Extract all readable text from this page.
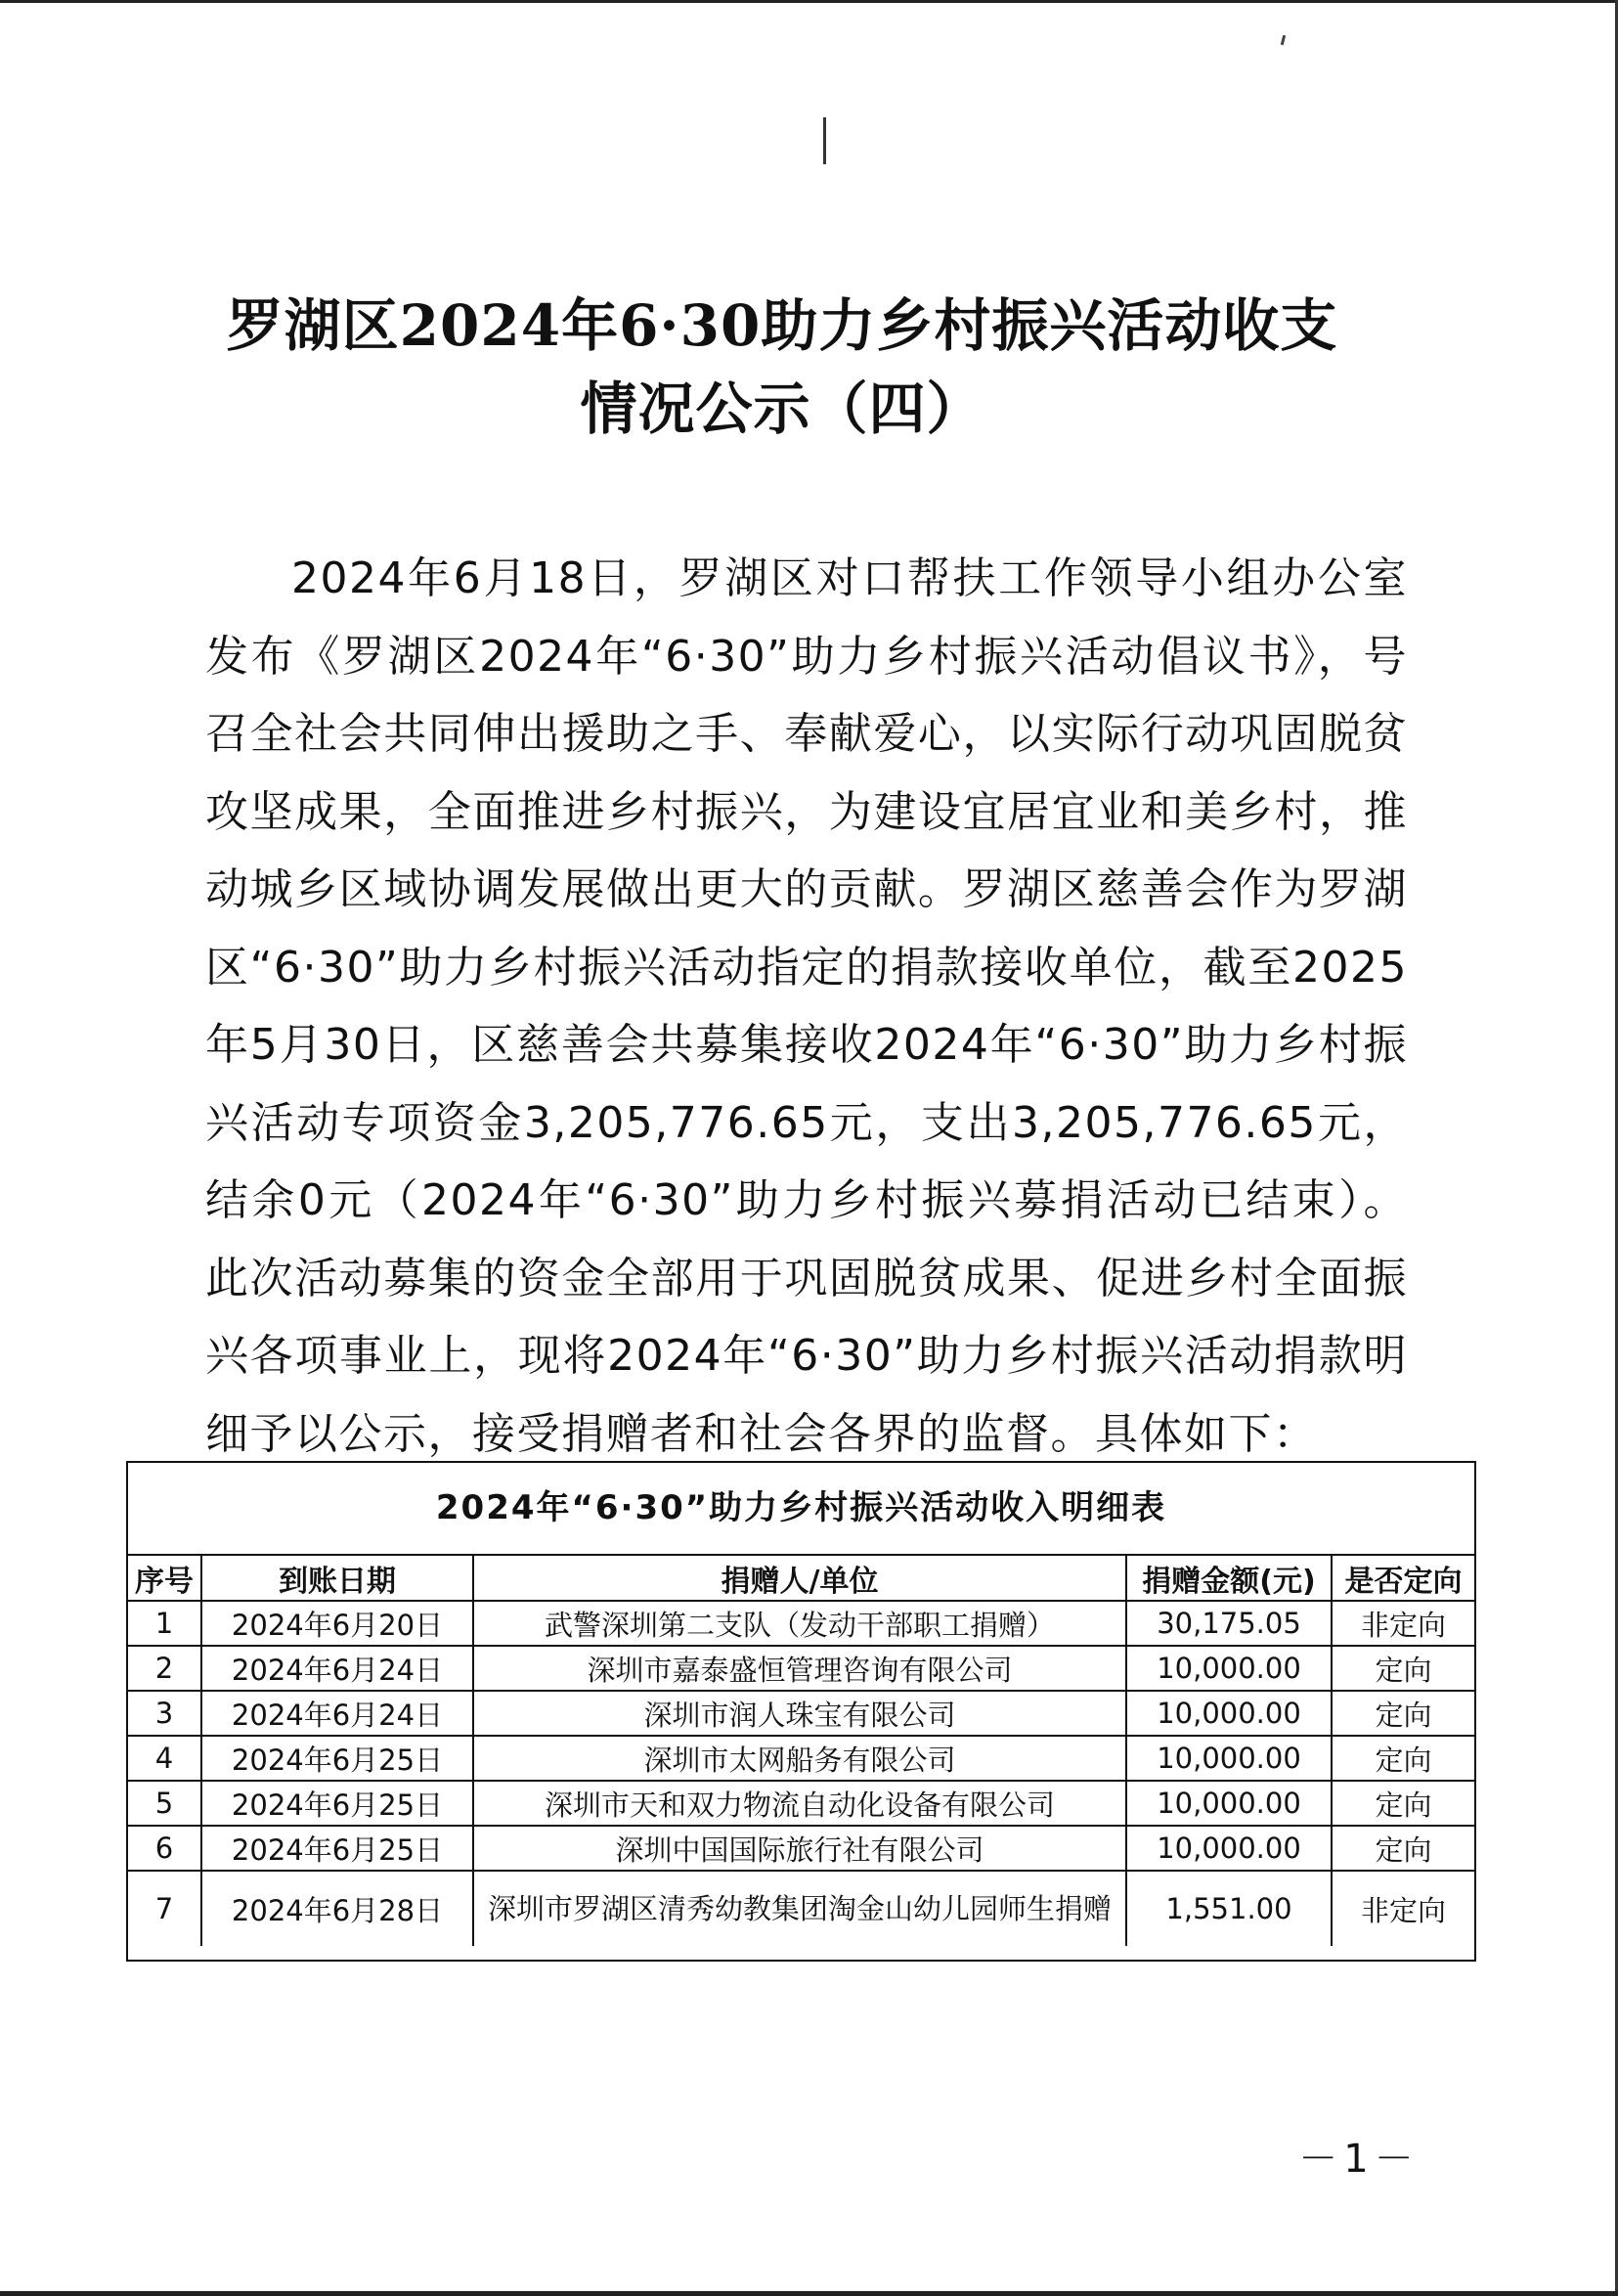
罗湖区2024年6·30助力乡村振兴活动收支
情况公示（四）

2024年6月18日，罗湖区对口帮扶工作领导小组办公室发布《罗湖区2024年“6·30”助力乡村振兴活动倡议书》，号召全社会共同伸出援助之手、奉献爱心，以实际行动巩固脱贫攻坚成果，全面推进乡村振兴，为建设宜居宜业和美乡村，推动城乡区域协调发展做出更大的贡献。罗湖区慈善会作为罗湖区“6·30”助力乡村振兴活动指定的捐款接收单位，截至2025年5月30日，区慈善会共募集接收2024年“6·30”助力乡村振兴活动专项资金3,205,776.65元，支出3,205,776.65元，结余0元（2024年“6·30”助力乡村振兴募捐活动已结束）。此次活动募集的资金全部用于巩固脱贫成果、促进乡村全面振兴各项事业上，现将2024年“6·30”助力乡村振兴活动捐款明细予以公示，接受捐赠者和社会各界的监督。具体如下：

2024年“6·30”助力乡村振兴活动收入明细表
序号	到账日期	捐赠人/单位	捐赠金额(元)	是否定向
1	2024年6月20日	武警深圳第二支队（发动干部职工捐赠）	30,175.05	非定向
2	2024年6月24日	深圳市嘉泰盛恒管理咨询有限公司	10,000.00	定向
3	2024年6月24日	深圳市润人珠宝有限公司	10,000.00	定向
4	2024年6月25日	深圳市太网船务有限公司	10,000.00	定向
5	2024年6月25日	深圳市天和双力物流自动化设备有限公司	10,000.00	定向
6	2024年6月25日	深圳中国国际旅行社有限公司	10,000.00	定向
7	2024年6月28日	深圳市罗湖区清秀幼教集团淘金山幼儿园师生捐赠	1,551.00	非定向
－1－
